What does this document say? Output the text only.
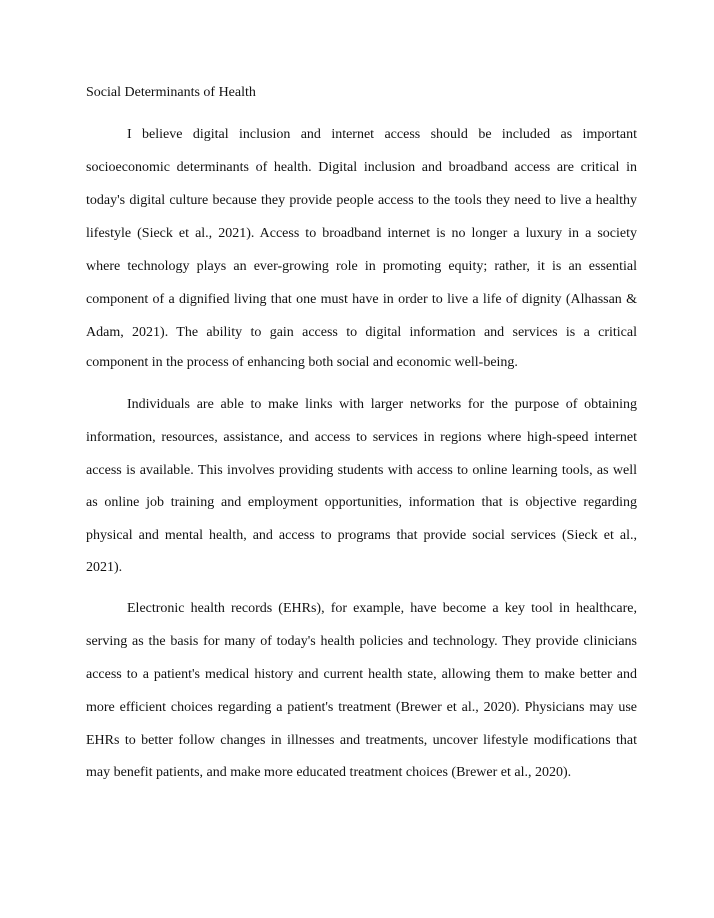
Social Determinants of Health
I believe digital inclusion and internet access should be included as important
socioeconomic determinants of health. Digital inclusion and broadband access are critical in
today's digital culture because they provide people access to the tools they need to live a healthy
lifestyle (Sieck et al., 2021). Access to broadband internet is no longer a luxury in a society
where technology plays an ever-growing role in promoting equity; rather, it is an essential
component of a dignified living that one must have in order to live a life of dignity (Alhassan &
Adam, 2021). The ability to gain access to digital information and services is a critical
component in the process of enhancing both social and economic well-being.
Individuals are able to make links with larger networks for the purpose of obtaining
information, resources, assistance, and access to services in regions where high-speed internet
access is available. This involves providing students with access to online learning tools, as well
as online job training and employment opportunities, information that is objective regarding
physical and mental health, and access to programs that provide social services (Sieck et al.,
2021).
Electronic health records (EHRs), for example, have become a key tool in healthcare,
serving as the basis for many of today's health policies and technology. They provide clinicians
access to a patient's medical history and current health state, allowing them to make better and
more efficient choices regarding a patient's treatment (Brewer et al., 2020). Physicians may use
EHRs to better follow changes in illnesses and treatments, uncover lifestyle modifications that
may benefit patients, and make more educated treatment choices (Brewer et al., 2020).
